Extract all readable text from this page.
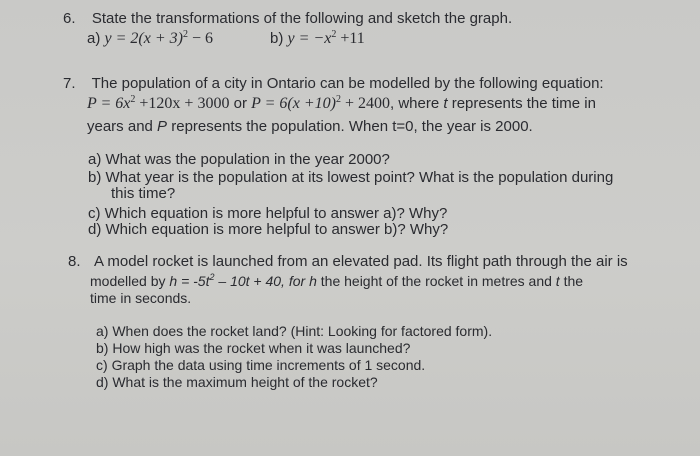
6. State the transformations of the following and sketch the graph.
a) $y = 2(x + 3)^2 - 6$	b) $y = -x^2 +11$
7. The population of a city in Ontario can be modelled by the following equation:
$P = 6x^2 +120x + 3000$ or $P = 6(x +10)^2 + 2400$, where t represents the time in
years and P represents the population. When t=0, the year is 2000.
a) What was the population in the year 2000?
b) What year is the population at its lowest point? What is the population during
this time?
c) Which equation is more helpful to answer a)? Why?
d) Which equation is more helpful to answer b)? Why?
8. A model rocket is launched from an elevated pad. Its flight path through the air is
modelled by $h = -5t^2 - 10t + 40$, for h the height of the rocket in metres and t the
time in seconds.
a) When does the rocket land? (Hint: Looking for factored form).
b) How high was the rocket when it was launched?
c) Graph the data using time increments of 1 second.
d) What is the maximum height of the rocket?
